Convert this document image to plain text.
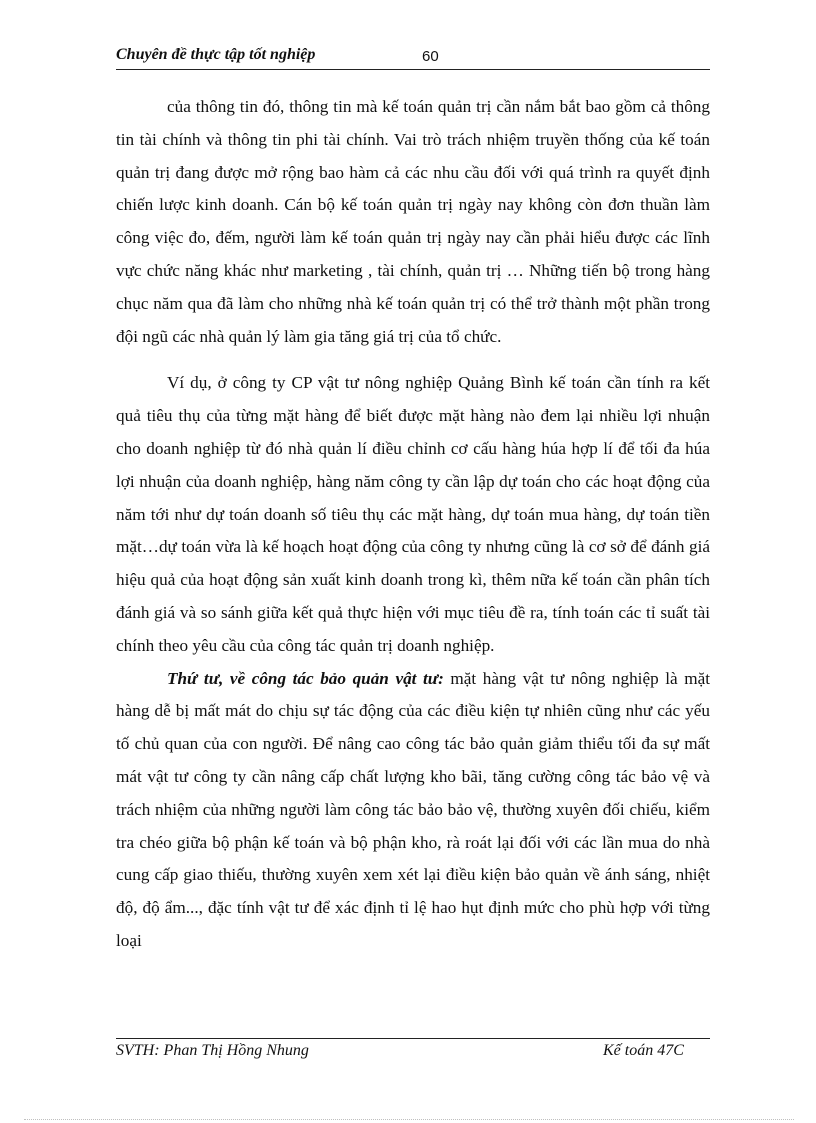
Chuyên đề thực tập tốt nghiệp	60

của thông tin đó, thông tin mà kế toán quản trị cần nắm bắt bao gồm cả thông tin tài chính và thông tin phi tài chính. Vai trò trách nhiệm truyền thống của kế toán quản trị đang được mở rộng bao hàm cả các nhu cầu đối với quá trình ra quyết định chiến lược kinh doanh. Cán bộ kế toán quản trị ngày nay không còn đơn thuần làm công việc đo, đếm, người làm kế toán quản trị ngày nay cần phải hiểu được các lĩnh vực chức năng khác như marketing , tài chính, quản trị … Những tiến bộ trong hàng chục năm qua đã làm cho những nhà kế toán quản trị có thể trở thành một phần trong đội ngũ các nhà quản lý làm gia tăng giá trị của tổ chức.

Ví dụ, ở công ty CP vật tư nông nghiệp Quảng Bình kế toán cần tính ra kết quả tiêu thụ của từng mặt hàng để biết được mặt hàng nào đem lại nhiều lợi nhuận cho doanh nghiệp từ đó nhà quản lí điều chỉnh cơ cấu hàng húa hợp lí để tối đa húa lợi nhuận của doanh nghiệp, hàng năm công ty cần lập dự toán cho các hoạt động của năm tới như dự toán doanh số tiêu thụ các mặt hàng, dự toán mua hàng, dự toán tiền mặt…dự toán vừa là kế hoạch hoạt động của công ty nhưng cũng là cơ sở để đánh giá hiệu quả của hoạt động sản xuất kinh doanh trong kì, thêm nữa kế toán cần phân tích đánh giá và so sánh giữa kết quả thực hiện với mục tiêu đề ra, tính toán các tỉ suất tài chính theo yêu cầu của công tác quản trị doanh nghiệp.

Thứ tư, về công tác bảo quản vật tư: mặt hàng vật tư nông nghiệp là mặt hàng dễ bị mất mát do chịu sự tác động của các điều kiện tự nhiên cũng như các yếu tố chủ quan của con người. Để nâng cao công tác bảo quản giảm thiểu tối đa sự mất mát vật tư công ty cần nâng cấp chất lượng kho bãi, tăng cường công tác bảo vệ và trách nhiệm của những người làm công tác bảo bảo vệ, thường xuyên đối chiếu, kiểm tra chéo giữa bộ phận kế toán và bộ phận kho, rà roát lại đối với các lần mua do nhà cung cấp giao thiếu, thường xuyên xem xét lại điều kiện bảo quản về ánh sáng, nhiệt độ, độ ẩm..., đặc tính vật tư để xác định tỉ lệ hao hụt định mức cho phù hợp với từng loại

SVTH: Phan Thị Hồng Nhung	Kế toán 47C
